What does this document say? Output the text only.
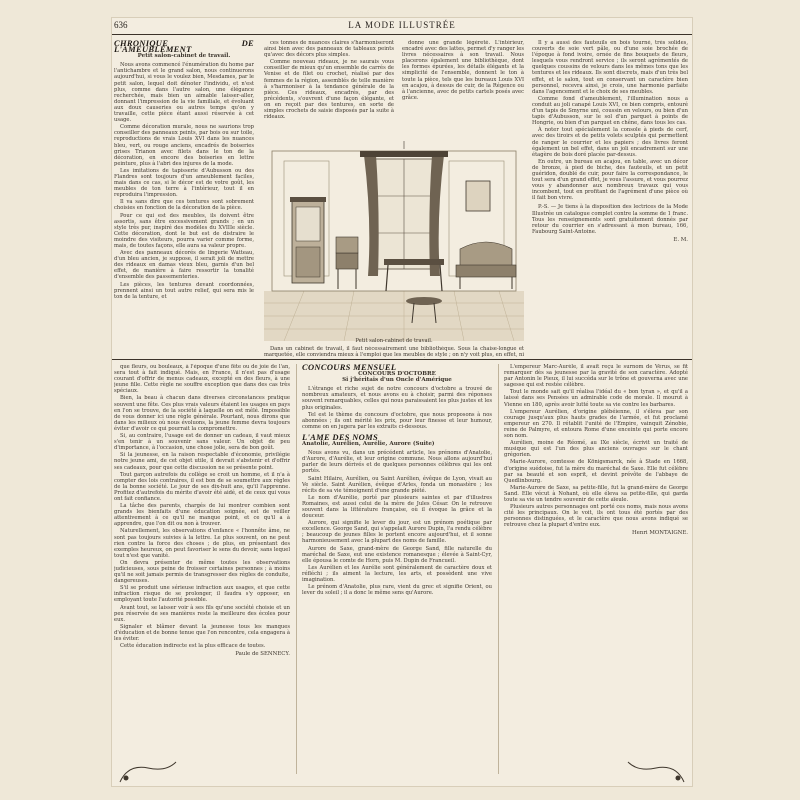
636	LA MODE ILLUSTRÉE
CHRONIQUE DE L'AMEUBLEMENT
Petit salon-cabinet de travail.

Nous avons commencé l'énumération du home par l'antichambre et le grand salon, nous continuerons aujourd'hui, si vous le voulez bien, Mesdames, par le petit salon, lequel doit dénoter l'individu, et n'est plus, comme dans l'autre salon, une élégance recherchée, mais bien un aimable laisser-aller, donnant l'impression de la vie familiale, et évoluant aux doux causeries ou autres temps qu'on y travaille, cette pièce étant aussi réservée à cet usage.

Comme décoration murale, nous ne saurions trop conseiller des panneaux peints, par bois ou sur toile, reproductions de vrais Louis XVI dans les nuances bleu, vert, ou rouge anciens, encadrés de boiseries grises Trianon avec filets dans le ton de la décoration, en encore des boiseries en lettre peinture, plus à l'abri des injures de la mode.

Les imitations de tapisserie d'Aubusson ou des Flandres sont toujours d'un ameublement faciles, mais dans ce cas, si le décor est de votre goût, les meubles de ton terre à l'intérieur, tout il en reproduira l'impression.

Il va sans dire que ces tentures sont sobrement choisies en fonction de la décoration de la pièce.

Pour ce qui est des meubles, ils doivent être assortis, sans être excessivement grands ; en un style très pur, inspiré des modèles du XVIIIe siècle. Cette décoration, dont le but est de distraire le moindre des visiteurs, pourra varier comme forme, mais, de toutes façons, elle aura sa valeur propre.

Avec des panneaux décorés de lingerie Watteau, d'un bleu ancien, je suppose, il serait joli de mettre des rideaux en damas vieux bleu, garnis d'un bel effet, de manière à faire ressortir la tonalité d'ensemble des passementeries.

Les pièces, les tentures devant coordonnées, prennent ainsi un tout autre relief, qui sera mis le ton de la tenture, et

ces tonnes de nuances claires s'harmoniseront ainsi bien avec des panneaux de tableaux peints qu'avec des décors plus simples.

Comme nouveau rideaux, je ne saurais vous conseiller de mieux qu'un ensemble de carrés de Venise et de filet ou crochet, réalisé par des femmes de la région, assemblés de telle manière à s'harmoniser à la tendance générale de la pièce. Ces rideaux, encadrés, par des précédents, s'ouvrent d'une façon élégante, et on en reçoit par des tentures, en sorte de simples crochets de saisie disposés par la suite à rideaux.

donne une grande légèreté. L'intérieur, encadré avec des lattes, permet d'y ranger les livres nécessaires à son travail. Nous placerons également une bibliothèque, dont les formes épurées, les détails élégants et la simplicité de l'ensemble, donnent le ton à toute la pièce, tels que les bureaux Louis XVI en acajou, à dessus de cuir, de la Régence ou à l'ancienne, avec de petits cartels posés avec grâce.

Il y a aussi des fauteuils en bois tourné, très solides, couverts de soie vert pâle, ou d'une soie brochée de l'époque à fond ivoire, ornée de fins bouquets de fleurs, lesquels vous rendront service ; ils seront agrémentés de quelques coussins de velours dans les mêmes tons que les tentures et les rideaux. Ils sont discrets, mais d'un très bel effet, et le salon, tout en conservant un caractère bien personnel, recevra ainsi, je crois, une harmonie parfaite dans l'agencement et le choix de ses meubles.

Comme fond d'ameublement, l'illumination nous a conduit au joli canapé Louis XVI, ce bien compris, entouré d'un tapis de Smyrne uni, coussin en velours, ou bien d'un tapis d'Aubusson, sur le sol d'un parquet à points de Hongrie, ou bien d'un parquet en chêne, dans tous les cas.

À noter tout spécialement la console à pieds de cerf, avec des tiroirs et de petits volets sculptés qui permettent de ranger le courrier et les papiers ; des livres feront également un bel effet, dans un joli encadrement sur une étagère de bois doré placée par-dessus.

En outre, un bureau en acajou, en table, avec un décor de bronze, à pied de biche, des fauteuils, et un petit guéridon, doublé de cuir, pour faire la correspondance, le tout sera d'un grand effet, je vous l'assure, et vous pourrez vous y abandonner aux nombreux travaux qui vous incombent, tout en profitant de l'agrément d'une pièce où il fait bon vivre.

P.-S. — Je tiens à la disposition des lectrices de la Mode Illustrée un catalogue complet contre la somme de 1 franc. Tous les renseignements sont gratuitement donnés par retour du courrier en s'adressant à mon bureau, 166, Faubourg Saint-Antoine.

E. M.
Petit salon-cabinet de travail.

Dans un cabinet de travail, il faut nécessairement une bibliothèque. Sous la chaise-longue et marquetée, elle conviendra mieux à l'emploi que les meubles de style ; on n'y voit plus, en effet, ni

que fleurs, ou bouleaux, à l'époque d'une fête ou de joie de l'an, sera tout à fait indiqué. Mais, en France, il n'est pas d'usage courant d'offrir de menus cadeaux, excepté en des fleurs, à une jeune fille. Cette règle ne souffre exception que dans des cas très spéciaux.

Bien, la beau à chacun dans diverses circonstances pratique souvent une fête. Ces plus vrais valeurs étaient les usages en pays en l'on se trouve, de la société à laquelle on est mêlé. Impossible de vous donner ici une règle générale. Pourtant, nous dirons que dans les milieux où nous évoluons, la jeune femme devra toujours éviter d'avoir ce qui pourrait la compromettre.

Si, au contraire, l'usage est de donner un cadeau, il vaut mieux s'en tenir à un souvenir sans valeur. Un objet de peu d'importance, à l'occasion, une chose jolie, sera de bon goût.

Si la jeunesse, en la raison respectable d'économie, privilégie notre jeune ami, de cet objet utile, il devrait s'abstenir et d'offrir ses cadeaux, pour que cette discussion ne se présente point.

Tout garçon autrefois du collège se croit un homme, et il n'a à compter des lois contraires, il est bon de se soumettre aux règles de la bonne société. Le jour de ses dix-huit ans, qu'il l'apprenne. Profitez d'autrefois du mérite d'avoir été aidé, et de ceux qui vous ont fait confiance.

La tâche des parents, chargés de lui montrer combien sont grands les bienfaits d'une éducation soignée, est de veiller attentivement à ce qu'il ne manque point, et ce qu'il a à apprendre, que l'on dit ou non à trouver.

Naturellement, les observations d'enfance « l'honnête âme, ne sont pas toujours suivies à la lettre. Le plus souvent, on ne peut rien contre la force des choses ; de plus, en présentant des exemples heureux, on peut favoriser le sens du devoir, sans lequel tout n'est que vanité.

On devra présenter de même toutes les observations judicieuses, sous peine de froisser certaines personnes ; à moins qu'il ne soit jamais permis de transgresser des règles de conduite, dangereuses.

S'il se produit une sérieuse infraction aux usages, et que cette infraction risque de se prolonger, il faudra s'y opposer, en employant toute l'autorité possible.

Avant tout, se laisser voir à ses fils qu'une société choisie et un peu réservée de ses manières reste la meilleure des écoles pour eux.

Signaler et blâmer devant la jeunesse tous les manques d'éducation et de bonne tenue que l'on rencontre, cela engagera à les éviter.

Cette éducation indirecte est la plus efficace de toutes.

Paule de SENNECY.
CONCOURS MENSUEL
CONCOURS D'OCTOBRE
Si j'héritais d'un Oncle d'Amérique

L'étrange et riche sujet de notre concours d'octobre a trouvé de nombreux amateurs, et nous avons eu à choisir, parmi des réponses souvent remarquables, celles qui nous paraissaient les plus justes et les plus originales.

Tel est le thème du concours d'octobre, que nous proposons à nos abonnées ; ils ont mérité les prix, pour leur finesse et leur humour, comme on en jugera par les extraits ci-dessous.

L'AME DES NOMS
Anatolie, Aurélien, Aurélie, Aurore (Suite)

Nous avons vu, dans un précédent article, les prénoms d'Anatolie, d'Aurore, d'Aurélie, et leur origine commune. Nous allons aujourd'hui parler de leurs dérivés et de quelques personnes célèbres qui les ont portés.

Saint Hilaire, Aurélien, ou Saint Aurélien, évêque de Lyon, vivait au Ve siècle. Saint Aurélien, évêque d'Arles, fonda un monastère ; les récits de sa vie témoignent d'une grande piété.

Le nom d'Aurélie, porté par plusieurs saintes et par d'illustres Romaines, est aussi celui de la mère de Jules César. On le retrouve souvent dans la littérature française, où il évoque la grâce et la douceur.

Aurore, qui signifie le lever du jour, est un prénom poétique par excellence. George Sand, qui s'appelait Aurore Dupin, l'a rendu célèbre ; beaucoup de jeunes filles le portent encore aujourd'hui, et il sonne harmonieusement avec la plupart des noms de famille.

Aurore de Saxe, grand-mère de George Sand, fille naturelle du maréchal de Saxe, eut une existence romanesque ; élevée à Saint-Cyr, elle épousa le comte de Horn, puis M. Dupin de Francueil.

Les Aurélien et les Aurélie sont généralement de caractère doux et réfléchi ; ils aiment la lecture, les arts, et possèdent une vive imagination.

Le prénom d'Anatolie, plus rare, vient du grec et signifie Orient, ou lever du soleil ; il a donc le même sens qu'Aurore.

L'empereur Marc-Aurèle, il avait reçu le surnom de Vérus, se fit remarquer dès sa jeunesse par la gravité de son caractère. Adopté par Antonin le Pieux, il lui succéda sur le trône et gouverna avec une sagesse qui est restée célèbre.

Tout le monde sait qu'il réalisa l'idéal du « bon tyran », et qu'il a laissé dans ses Pensées un admirable code de morale. Il mourut à Vienne en 180, après avoir lutté toute sa vie contre les barbares.

L'empereur Aurélien, d'origine plébéienne, il s'éleva par son courage jusqu'aux plus hauts grades de l'armée, et fut proclamé empereur en 270. Il rétablit l'unité de l'Empire, vainquit Zénobie, reine de Palmyre, et entoura Rome d'une enceinte qui porte encore son nom.

Aurélien, moine de Réomé, au IXe siècle, écrivit un traité de musique qui est l'un des plus anciens ouvrages sur le chant grégorien.

Marie-Aurore, comtesse de Königsmarck, née à Stade en 1668, d'origine suédoise, fut la mère du maréchal de Saxe. Elle fut célèbre par sa beauté et son esprit, et devint prévôte de l'abbaye de Quedlinbourg.

Marie-Aurore de Saxe, sa petite-fille, fut la grand-mère de George Sand. Elle vécut à Nohant, où elle éleva sa petite-fille, qui garda toute sa vie un tendre souvenir de cette aïeule.

Plusieurs autres personnages ont porté ces noms, mais nous avons cité les principaux. On le voit, ils ont tous été portés par des personnes distinguées, et le caractère que nous avons indiqué se retrouve chez la plupart d'entre eux.

Henri MONTAIGNE.
